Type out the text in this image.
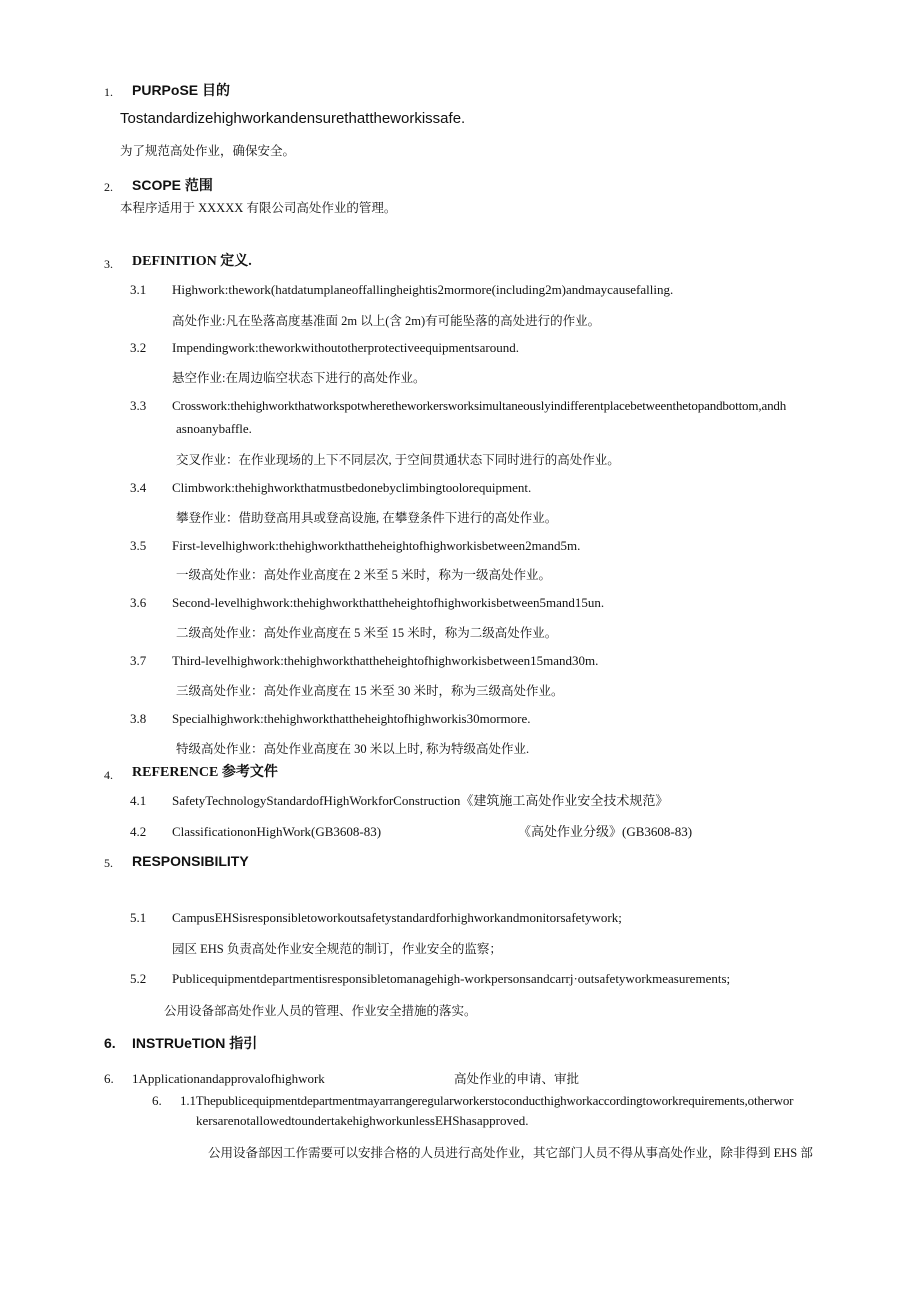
1. PURPoSE 目的
Tostandardizehighworkandensurethattheworkissafe.
为了规范高处作业，确保安全。
2. SCOPE 范围
本程序适用于 XXXXX 有限公司高处作业的管理。
3. DEFINITION 定义.
3.1 Highwork:thework(hatdatumplaneoffallingheightis2mormore(including2m)andmaycausefalling.
高处作业:凡在坠落高度基准面 2m 以上(含 2m)有可能坠落的高处进行的作业。
3.2 Impendingwork:theworkwithoutotherprotectiveequipmentsaround.
悬空作业:在周边临空状态下进行的高处作业。
3.3 Crosswork:thehighworkthatworkspotwheretheworkersworksimultaneouslyindifferentplacebetweenthetopandbottom,andh
asnoanybaffle.
交叉作业：在作业现场的上下不同层次, 于空间贯通状态下同时进行的高处作业。
3.4 Climbwork:thehighworkthatmustbedonebyclimbingtoolorequipment.
攀登作业：借助登高用具或登高设施, 在攀登条件下进行的高处作业。
3.5 First-levelhighwork:thehighworkthattheheightofhighworkisbetween2mand5m.
一级高处作业：高处作业高度在 2 米至 5 米时，称为一级高处作业。
3.6 Second-levelhighwork:thehighworkthattheheightofhighworkisbetween5mand15un.
二级高处作业：高处作业高度在 5 米至 15 米时，称为二级高处作业。
3.7 Third-levelhighwork:thehighworkthattheheightofhighworkisbetween15mand30m.
三级高处作业：高处作业高度在 15 米至 30 米时，称为三级高处作业。
3.8 Specialhighwork:thehighworkthattheheightofhighworkis30mormore.
特级高处作业：高处作业高度在 30 米以上时, 称为特级高处作业.
4. REFERENCE 参考文件
4.1 SafetyTechnologyStandardofHighWorkforConstruction《建筑施工高处作业安全技术规范》
4.2 ClassificationonHighWork(GB3608-83)	《高处作业分级》(GB3608-83)
5. RESPONSIBILITY
5.1 CampusEHSisresponsibletoworkoutsafetystandardforhighworkandmonitorsafetywork;
园区 EHS 负责高处作业安全规范的制订，作业安全的监察；
5.2 Publicequipmentdepartmentisresponsibletomanagehigh-workpersonsandcarrj·outsafetyworkmeasurements;
公用设备部高处作业人员的管理、作业安全措施的落实。
6. INSTRUeTION 指引
6. 1Applicationandapprovalofhighwork	高处作业的申请、审批
6. 1.1Thepublicequipmentdepartmentmayarrangeregularworkerstoconducthighworkaccordingtoworkrequirements,otherwor
kersarenotallowedtoundertakehighworkunlessEHShasapproved.
公用设备部因工作需要可以安排合格的人员进行高处作业，其它部门人员不得从事高处作业，除非得到 EHS 部
